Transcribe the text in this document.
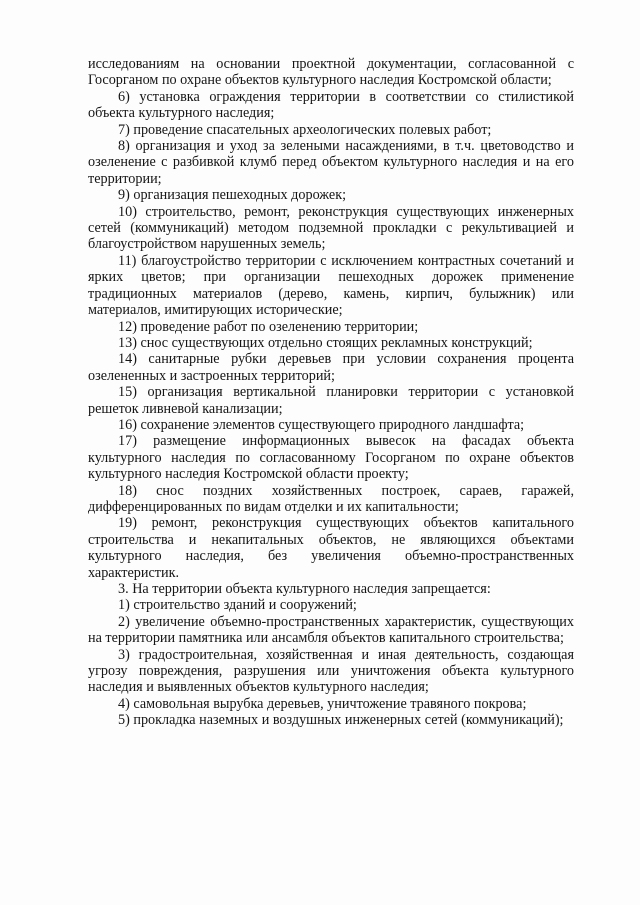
исследованиям на основании проектной документации, согласованной с Госорганом по охране объектов культурного наследия Костромской области;

6) установка ограждения территории в соответствии со стилистикой объекта культурного наследия;

7) проведение спасательных археологических полевых работ;

8) организация и уход за зелеными насаждениями, в т.ч. цветоводство и озеленение с разбивкой клумб перед объектом культурного наследия и на его территории;

9) организация пешеходных дорожек;

10) строительство, ремонт, реконструкция существующих инженерных сетей (коммуникаций) методом подземной прокладки с рекультивацией и благоустройством нарушенных земель;

11) благоустройство территории с исключением контрастных сочетаний и ярких цветов; при организации пешеходных дорожек применение традиционных материалов (дерево, камень, кирпич, булыжник) или материалов, имитирующих исторические;

12) проведение работ по озеленению территории;

13) снос существующих отдельно стоящих рекламных конструкций;

14) санитарные рубки деревьев при условии сохранения процента озелененных и застроенных территорий;

15) организация вертикальной планировки территории с установкой решеток ливневой канализации;

16) сохранение элементов существующего природного ландшафта;

17) размещение информационных вывесок на фасадах объекта культурного наследия по согласованному Госорганом по охране объектов культурного наследия Костромской области проекту;

18) снос поздних хозяйственных построек, сараев, гаражей, дифференцированных по видам отделки и их капитальности;

19) ремонт, реконструкция существующих объектов капитального строительства и некапитальных объектов, не являющихся объектами культурного наследия, без увеличения объемно-пространственных характеристик.

3. На территории объекта культурного наследия запрещается:

1) строительство зданий и сооружений;

2) увеличение объемно-пространственных характеристик, существующих на территории памятника или ансамбля объектов капитального строительства;

3) градостроительная, хозяйственная и иная деятельность, создающая угрозу повреждения, разрушения или уничтожения объекта культурного наследия и выявленных объектов культурного наследия;

4) самовольная вырубка деревьев, уничтожение травяного покрова;

5) прокладка наземных и воздушных инженерных сетей (коммуникаций);
